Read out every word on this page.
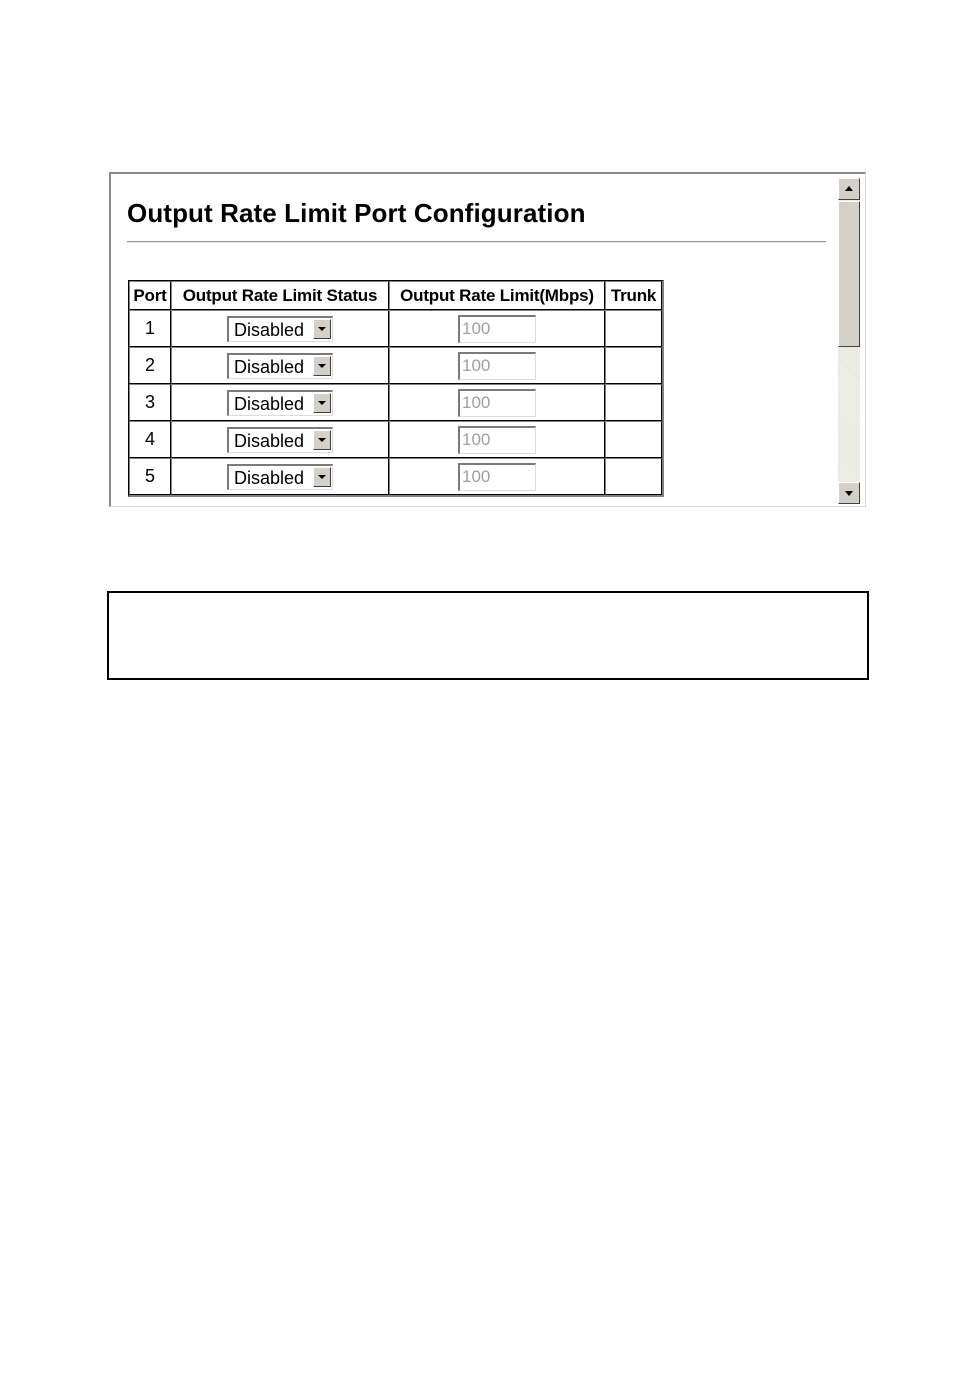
Output Rate Limit Port Configuration
Port	Output Rate Limit Status	Output Rate Limit(Mbps)	Trunk
1	Disabled	100	
2	Disabled	100	
3	Disabled	100	
4	Disabled	100	
5	Disabled	100	
